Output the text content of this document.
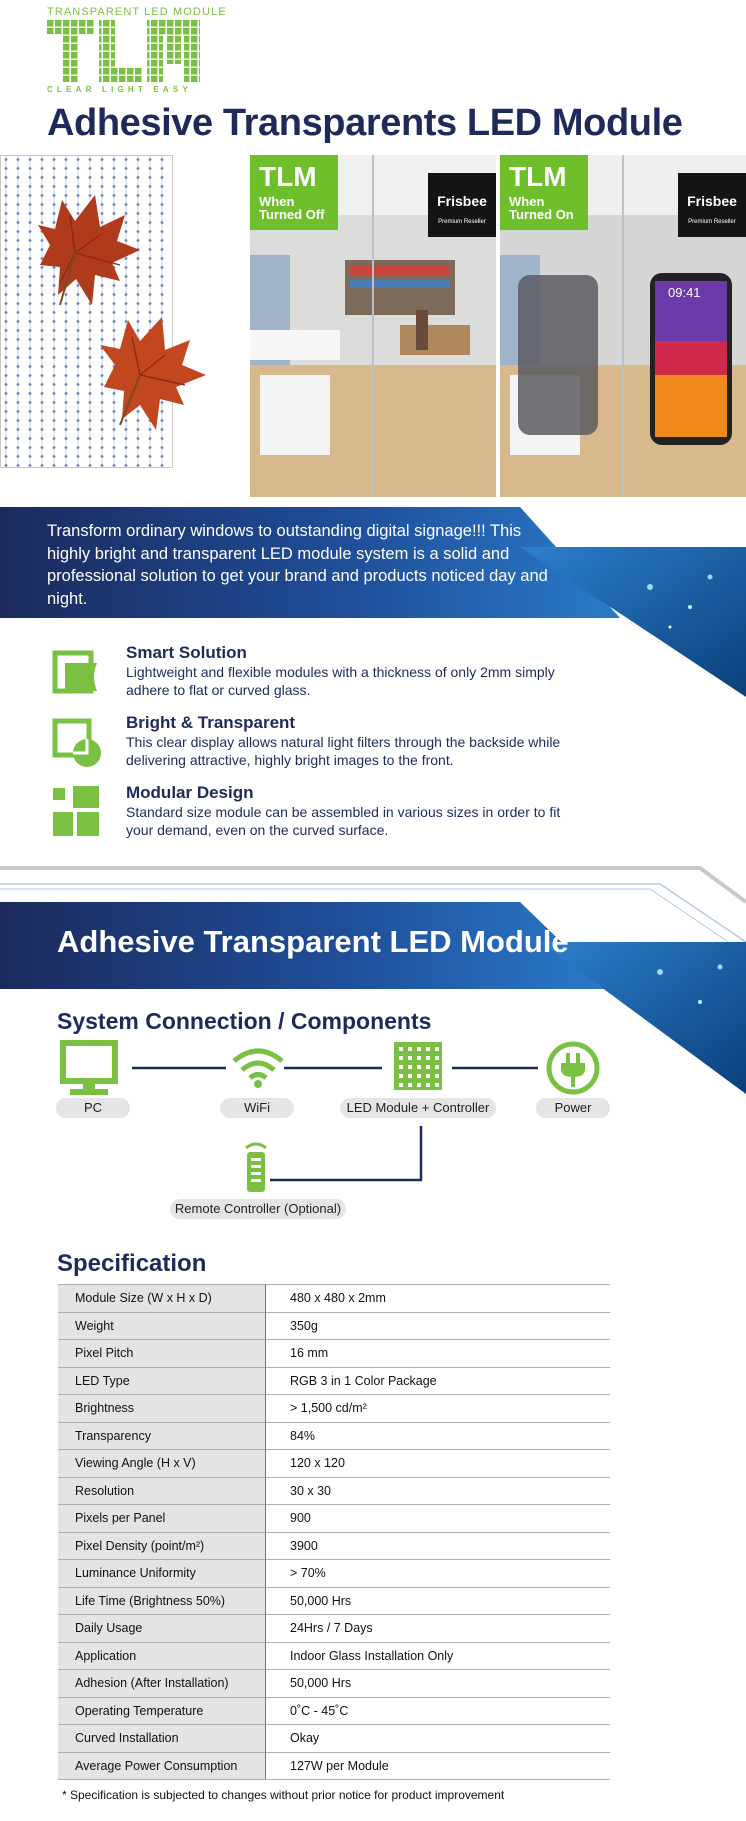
TRANSPARENT LED MODULE
CLEAR LIGHT EASY
Adhesive Transparents LED Module
TLM
When Turned Off
Frisbee
Premium Reseller
09:41
TLM
When Turned On
Frisbee
Premium Reseller
Transform ordinary windows to outstanding digital signage!!! This highly bright and transparent LED module system is a solid and professional solution to get your brand and products noticed day and night.
Smart Solution
Lightweight and flexible modules with a thickness of only 2mm simply adhere to flat or curved glass.
Bright & Transparent
This clear display allows natural light filters through the backside while delivering attractive, highly bright images to the front.
Modular Design
Standard size module can be assembled in various sizes in order to fit your demand, even on the curved surface.
Adhesive Transparent LED Module
System Connection / Components
PC	WiFi	LED Module + Controller	Power
Remote Controller (Optional)
Specification
Module Size (W x H x D)	480 x 480 x 2mm
Weight	350g
Pixel Pitch	16 mm
LED Type	RGB 3 in 1 Color Package
Brightness	> 1,500 cd/m²
Transparency	84%
Viewing Angle (H x V)	120 x 120
Resolution	30 x 30
Pixels per Panel	900
Pixel Density (point/m²)	3900
Luminance Uniformity	> 70%
Life Time (Brightness 50%)	50,000 Hrs
Daily Usage	24Hrs / 7 Days
Application	Indoor Glass Installation Only
Adhesion (After Installation)	50,000 Hrs
Operating Temperature	0˚C - 45˚C
Curved Installation	Okay
Average Power Consumption	127W per Module
* Specification is subjected to changes without prior notice for product improvement
